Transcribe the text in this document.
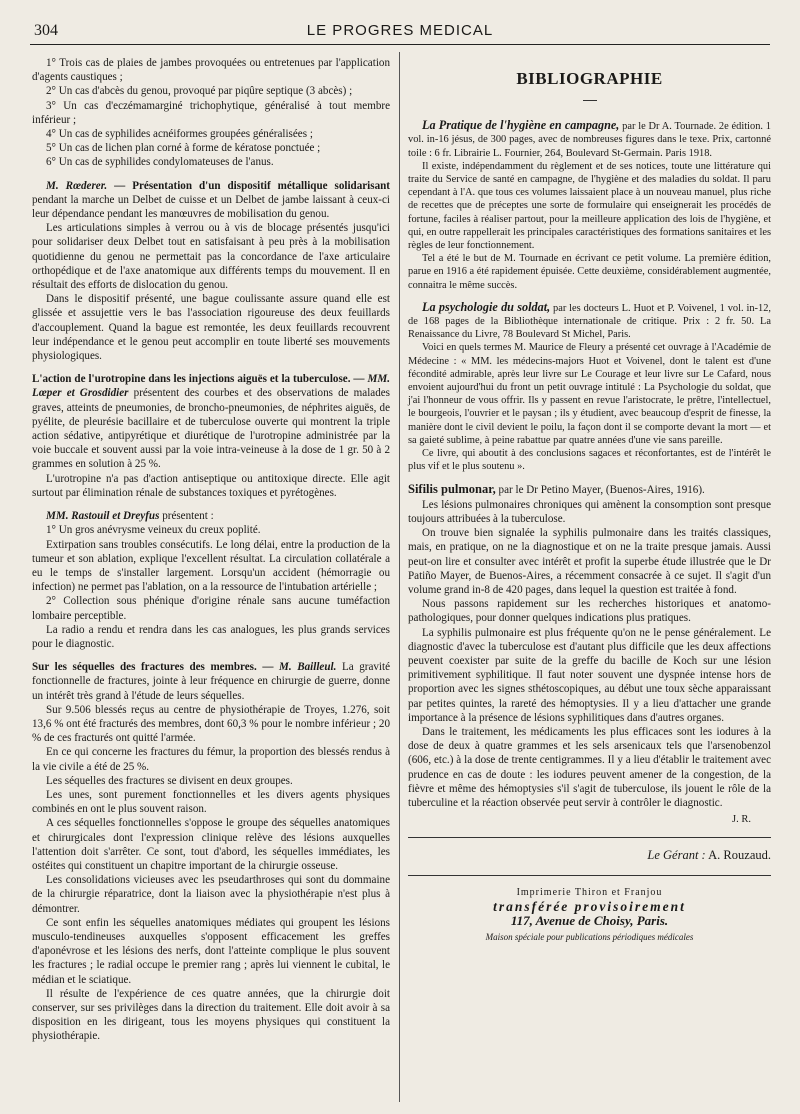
304	LE PROGRES MEDICAL

1° Trois cas de plaies de jambes provoquées ou entretenues par l'application d'agents caustiques ;

2° Un cas d'abcès du genou, provoqué par piqûre septique (3 abcès) ;

3° Un cas d'eczémamarginé trichophytique, généralisé à tout membre inférieur ;

4° Un cas de syphilides acnéiformes groupées généralisées ;

5° Un cas de lichen plan corné à forme de kératose ponctuée ;

6° Un cas de syphilides condylomateuses de l'anus.

M. Rœderer. — Présentation d'un dispositif métallique solidarisant pendant la marche un Delbet de cuisse et un Delbet de jambe laissant à ceux-ci leur dépendance pendant les manœuvres de mobilisation du genou.

Les articulations simples à verrou ou à vis de blocage présentés jusqu'ici pour solidariser deux Delbet tout en satisfaisant à peu près à la mobilisation quotidienne du genou ne permettait pas la concordance de l'axe articulaire orthopédique et de l'axe anatomique aux différents temps du mouvement. Il en résultait des efforts de dislocation du genou.

Dans le dispositif présenté, une bague coulissante assure quand elle est glissée et assujettie vers le bas l'association rigoureuse des deux feuillards d'accouplement. Quand la bague est remontée, les deux feuillards recouvrent leur indépendance et le genou peut accomplir en toute liberté ses mouvements physiologiques.

L'action de l'urotropine dans les injections aiguës et la tuberculose. — MM. Lœper et Grosdidier présentent des courbes et des observations de malades graves, atteints de pneumonies, de broncho-pneumonies, de néphrites aiguës, de pyélite, de pleurésie bacillaire et de tuberculose ouverte qui montrent la triple action sédative, antipyrétique et diurétique de l'urotropine administrée par la voie buccale et souvent aussi par la voie intra-veineuse à la dose de 1 gr. 50 à 2 grammes en solution à 25 %.

L'urotropine n'a pas d'action antiseptique ou antitoxique directe. Elle agit surtout par élimination rénale de substances toxiques et pyrétogènes.

MM. Rastouil et Dreyfus présentent :

1° Un gros anévrysme veineux du creux poplité.

Extirpation sans troubles consécutifs. Le long délai, entre la production de la tumeur et son ablation, explique l'excellent résultat. La circulation collatérale a eu le temps de s'installer largement. Lorsqu'un accident (hémorragie ou infection) ne permet pas l'ablation, on a la ressource de l'intubation artérielle ;

2° Collection sous phénique d'origine rénale sans aucune tuméfaction lombaire perceptible.

La radio a rendu et rendra dans les cas analogues, les plus grands services pour le diagnostic.

Sur les séquelles des fractures des membres. — M. Bailleul. La gravité fonctionnelle de fractures, jointe à leur fréquence en chirurgie de guerre, donne un intérêt très grand à l'étude de leurs séquelles.

Sur 9.506 blessés reçus au centre de physiothérapie de Troyes, 1.276, soit 13,6 % ont été fracturés des membres, dont 60,3 % pour le nombre inférieur ; 20 % de ces fracturés ont quitté l'armée.

En ce qui concerne les fractures du fémur, la proportion des blessés rendus à la vie civile a été de 25 %.

Les séquelles des fractures se divisent en deux groupes.

Les unes, sont purement fonctionnelles et les divers agents physiques combinés en ont le plus souvent raison.

A ces séquelles fonctionnelles s'oppose le groupe des séquelles anatomiques et chirurgicales dont l'expression clinique relève des lésions auxquelles l'attention doit s'arrêter. Ce sont, tout d'abord, les séquelles immédiates, les ostéites qui constituent un chapitre important de la chirurgie osseuse.

Les consolidations vicieuses avec les pseudarthroses qui sont du dommaine de la chirurgie réparatrice, dont la liaison avec la physiothérapie n'est plus à démontrer.

Ce sont enfin les séquelles anatomiques médiates qui groupent les lésions musculo-tendineuses auxquelles s'opposent efficacement les greffes d'aponévrose et les lésions des nerfs, dont l'atteinte complique le plus souvent les fractures ; le radial occupe le premier rang ; après lui viennent le cubital, le médian et le sciatique.

Il résulte de l'expérience de ces quatre années, que la chirurgie doit conserver, sur ses privilèges dans la direction du traitement. Elle doit avoir à sa disposition en les dirigeant, tous les moyens physiques qui constituent la physiothérapie.

BIBLIOGRAPHIE

La Pratique de l'hygiène en campagne, par le Dr A. Tournade. 2e édition. 1 vol. in-16 jésus, de 300 pages, avec de nombreuses figures dans le texe. Prix, cartonné toile : 6 fr. Librairie L. Fournier, 264, Boulevard St-Germain. Paris 1918.

Il existe, indépendamment du règlement et de ses notices, toute une littérature qui traite du Service de santé en campagne, de l'hygiène et des maladies du soldat. Il paru cependant à l'A. que tous ces volumes laissaient place à un nouveau manuel, plus riche de recettes que de préceptes une sorte de formulaire qui enseignerait les procédés de fortune, faciles à réaliser partout, pour la meilleure application des lois de l'hygiène, et qui, en outre rappellerait les principales caractéristiques des formations sanitaires et les règles de leur fonctionnement.

Tel a été le but de M. Tournade en écrivant ce petit volume. La première édition, parue en 1916 a été rapidement épuisée. Cette deuxième, considérablement augmentée, connaitra le même succès.

La psychologie du soldat, par les docteurs L. Huot et P. Voivenel, 1 vol. in-12, de 168 pages de la Bibliothèque internationale de critique. Prix : 2 fr. 50. La Renaissance du Livre, 78 Boulevard St Michel, Paris.

Voici en quels termes M. Maurice de Fleury a présenté cet ouvrage à l'Académie de Médecine : « MM. les médecins-majors Huot et Voivenel, dont le talent est d'une fécondité admirable, après leur livre sur Le Courage et leur livre sur Le Cafard, nous envoient aujourd'hui du front un petit ouvrage intitulé : La Psychologie du soldat, que j'ai l'honneur de vous offrir. Ils y passent en revue l'aristocrate, le prêtre, l'intellectuel, le bourgeois, l'ouvrier et le paysan ; ils y étudient, avec beaucoup d'esprit de finesse, la manière dont le civil devient le poilu, la façon dont il se comporte devant la mort — et sa gaieté sublime, à peine rabattue par quatre années d'une vie sans pareille.

Ce livre, qui aboutit à des conclusions sagaces et réconfortantes, est de l'intérêt le plus vif et le plus soutenu ».

Sifilis pulmonar, par le Dr Petino Mayer, (Buenos-Aires, 1916).

Les lésions pulmonaires chroniques qui amènent la consomption sont presque toujours attribuées à la tuberculose.

On trouve bien signalée la syphilis pulmonaire dans les traités classiques, mais, en pratique, on ne la diagnostique et on ne la traite presque jamais. Aussi peut-on lire et consulter avec intérêt et profit la superbe étude illustrée que le Dr Patiño Mayer, de Buenos-Aires, a récemment consacrée à ce sujet. Il s'agit d'un volume grand in-8 de 420 pages, dans lequel la question est traitée à fond.

Nous passons rapidement sur les recherches historiques et anatomo-pathologiques, pour donner quelques indications plus pratiques.

La syphilis pulmonaire est plus fréquente qu'on ne le pense généralement. Le diagnostic d'avec la tuberculose est d'autant plus difficile que les deux affections peuvent coexister par suite de la greffe du bacille de Koch sur une lésion primitivement syphilitique. Il faut noter souvent une dyspnée intense hors de proportion avec les signes sthétoscopiques, au début une toux sèche apparaissant par petites quintes, la rareté des hémoptysies. Il y a lieu d'attacher une grande importance à la présence de lésions syphilitiques dans d'autres organes.

Dans le traitement, les médicaments les plus efficaces sont les iodures à la dose de deux à quatre grammes et les sels arsenicaux tels que l'arsenobenzol (606, etc.) à la dose de trente centigrammes. Il y a lieu d'établir le traitement avec prudence en cas de doute : les iodures peuvent amener de la congestion, de la fièvre et même des hémoptysies s'il s'agit de tuberculose, ils jouent le rôle de la tuberculine et la réaction observée peut servir à contrôler le diagnostic.

J. R.
Le Gérant : A. Rouzaud.
Imprimerie Thiron et Franjou
transférée provisoirement
117, Avenue de Choisy, Paris.
Maison spéciale pour publications périodiques médicales
